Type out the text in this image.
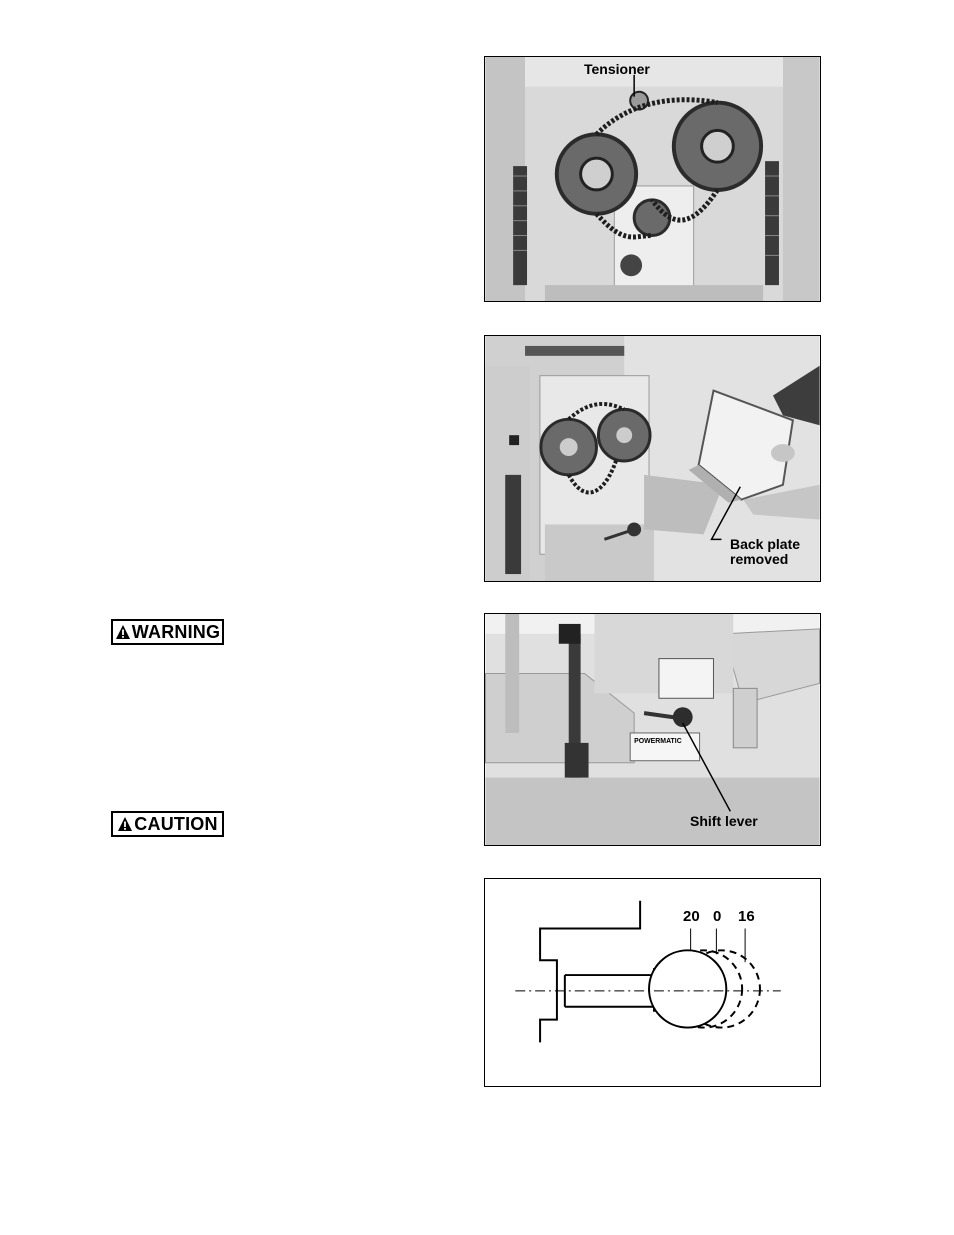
WARNING
CAUTION
Tensioner
Back plate
removed
POWERMATIC
Shift lever
20 0 16
